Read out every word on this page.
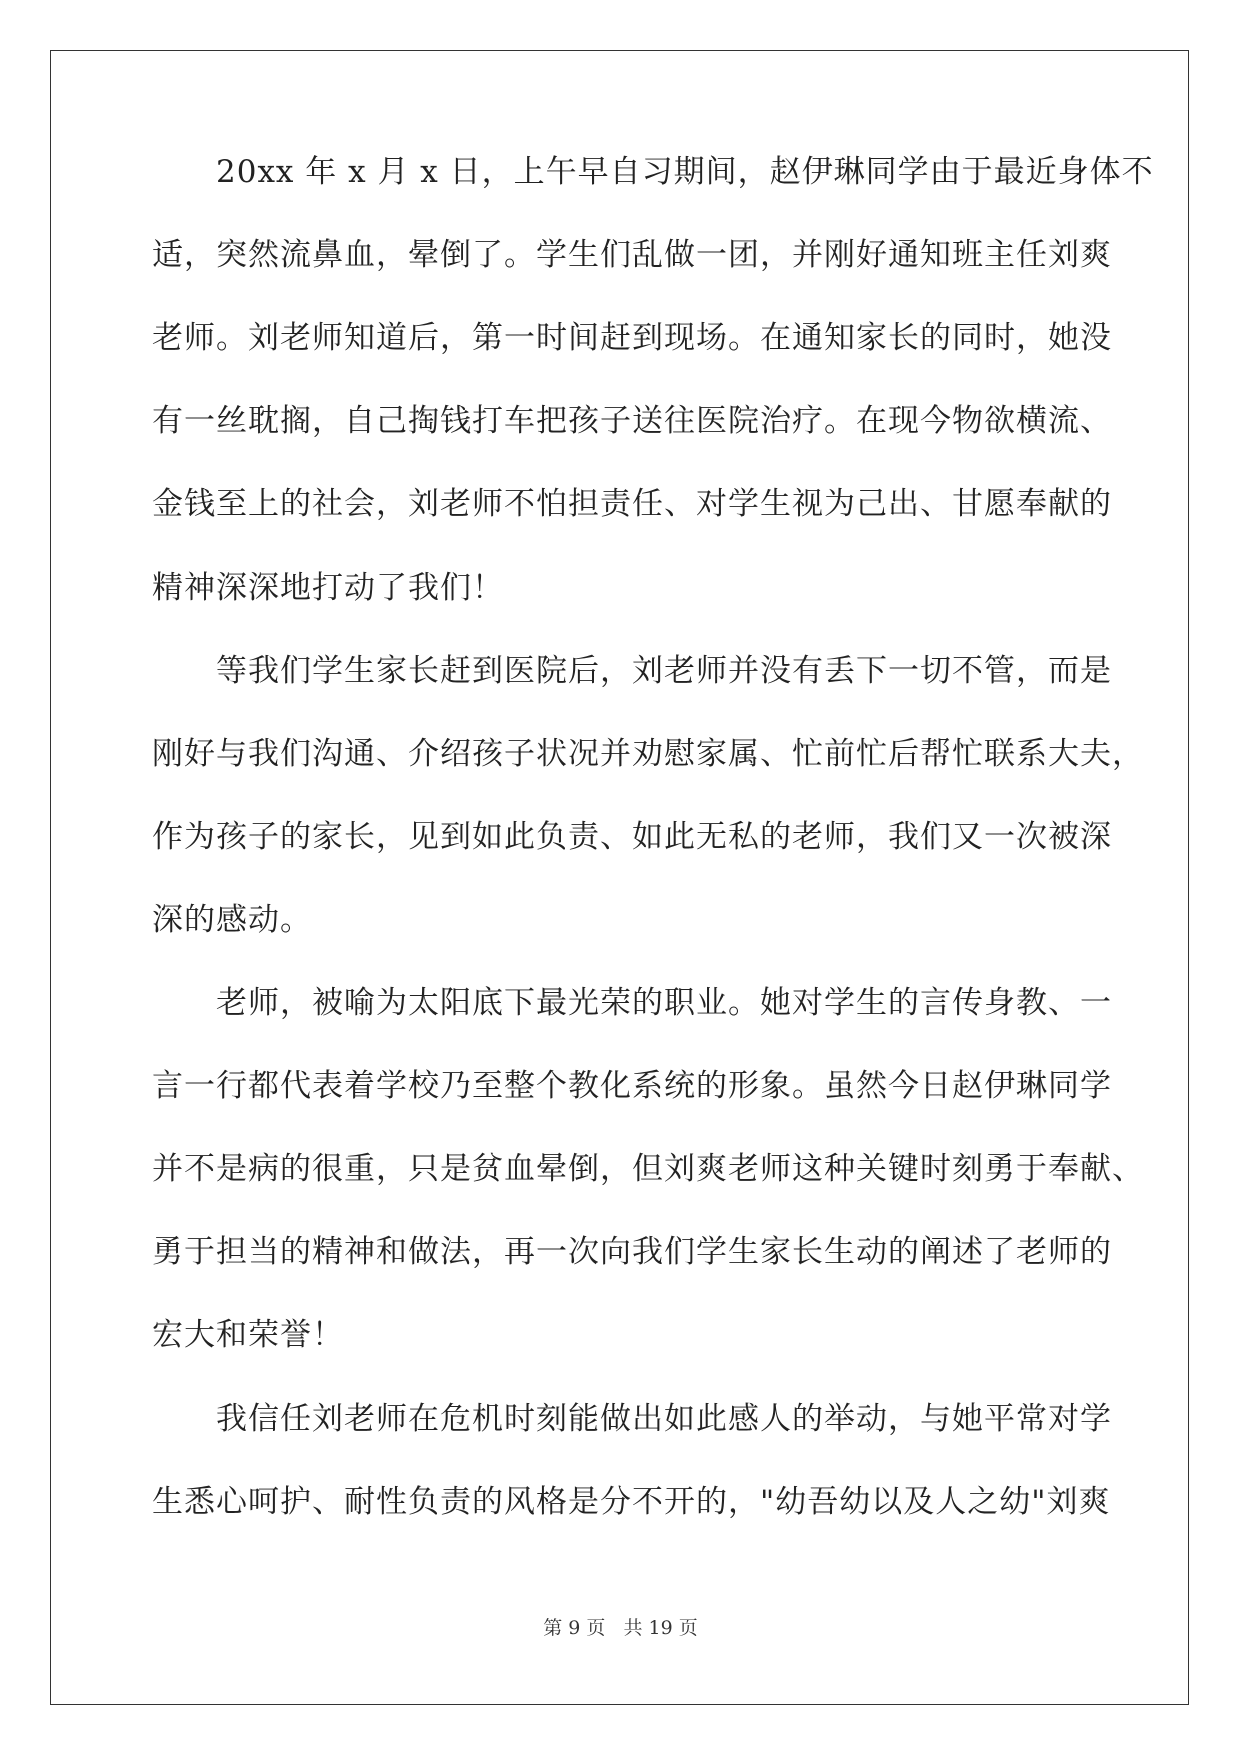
　　20xx 年 x 月 x 日，上午早自习期间，赵伊琳同学由于最近身体不
适，突然流鼻血，晕倒了。学生们乱做一团，并刚好通知班主任刘爽
老师。刘老师知道后，第一时间赶到现场。在通知家长的同时，她没
有一丝耽搁，自己掏钱打车把孩子送往医院治疗。在现今物欲横流、
金钱至上的社会，刘老师不怕担责任、对学生视为己出、甘愿奉献的
精神深深地打动了我们！
　　等我们学生家长赶到医院后，刘老师并没有丢下一切不管，而是
刚好与我们沟通、介绍孩子状况并劝慰家属、忙前忙后帮忙联系大夫，
作为孩子的家长，见到如此负责、如此无私的老师，我们又一次被深
深的感动。
　　老师，被喻为太阳底下最光荣的职业。她对学生的言传身教、一
言一行都代表着学校乃至整个教化系统的形象。虽然今日赵伊琳同学
并不是病的很重，只是贫血晕倒，但刘爽老师这种关键时刻勇于奉献、
勇于担当的精神和做法，再一次向我们学生家长生动的阐述了老师的
宏大和荣誉！
　　我信任刘老师在危机时刻能做出如此感人的举动，与她平常对学
生悉心呵护、耐性负责的风格是分不开的，"幼吾幼以及人之幼"刘爽
第 9 页 共 19 页
